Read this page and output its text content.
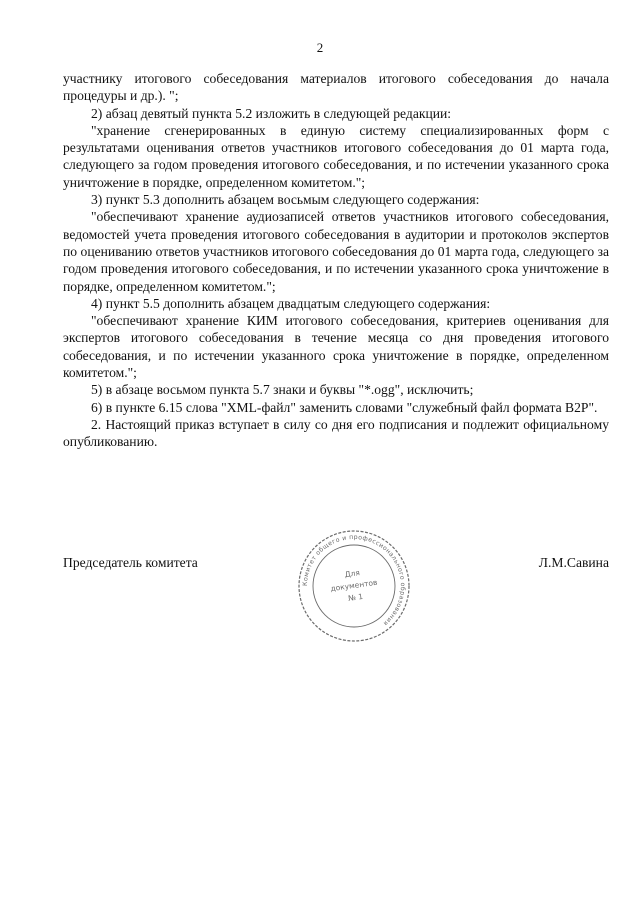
2

участнику итогового собеседования материалов итогового собеседования до начала процедуры и др.). ";

2) абзац девятый пункта 5.2 изложить в следующей редакции:

"хранение сгенерированных в единую систему специализированных форм с результатами оценивания ответов участников итогового собеседования до 01 марта года, следующего за годом проведения итогового собеседования, и по истечении указанного срока уничтожение в порядке, определенном комитетом.";

3) пункт 5.3 дополнить абзацем восьмым следующего содержания:

"обеспечивают хранение аудиозаписей ответов участников итогового собеседования, ведомостей учета проведения итогового собеседования в аудитории и протоколов экспертов по оцениванию ответов участников итогового собеседования до 01 марта года, следующего за годом проведения итогового собеседования, и по истечении указанного срока уничтожение в порядке, определенном комитетом.";

4) пункт 5.5 дополнить абзацем двадцатым следующего содержания:

"обеспечивают хранение КИМ итогового собеседования, критериев оценивания для экспертов итогового собеседования в течение месяца со дня проведения итогового собеседования, и по истечении указанного срока уничтожение в порядке, определенном комитетом.";

5) в абзаце восьмом пункта 5.7 знаки и буквы "*.ogg", исключить;

6) в пункте 6.15 слова "XML-файл" заменить словами "служебный файл формата B2P".

2. Настоящий приказ вступает в силу со дня его подписания и подлежит официальному опубликованию.

Председатель комитета	Л.М.Савина
Комитет общего и профессионального образования
Для
документов
№ 1
